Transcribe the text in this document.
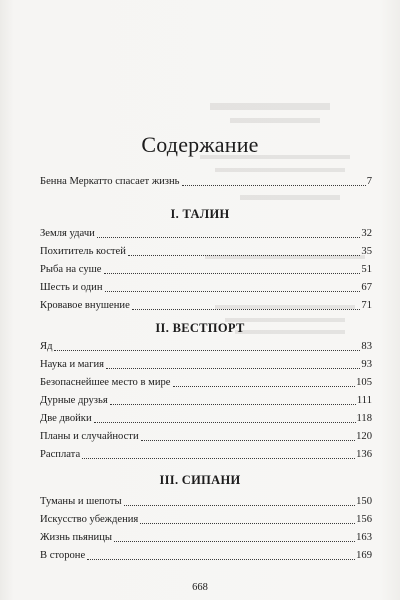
Содержание
Бенна Меркатто спасает жизнь	7
I. ТАЛИН
Земля удачи	32
Похититель костей	35
Рыба на суше	51
Шесть и один	67
Кровавое внушение	71
II. ВЕСТПОРТ
Яд	83
Наука и магия	93
Безопаснейшее место в мире	105
Дурные друзья	111
Две двойки	118
Планы и случайности	120
Расплата	136
III. СИПАНИ
Туманы и шепоты	150
Искусство убеждения	156
Жизнь пьяницы	163
В стороне	169
668
